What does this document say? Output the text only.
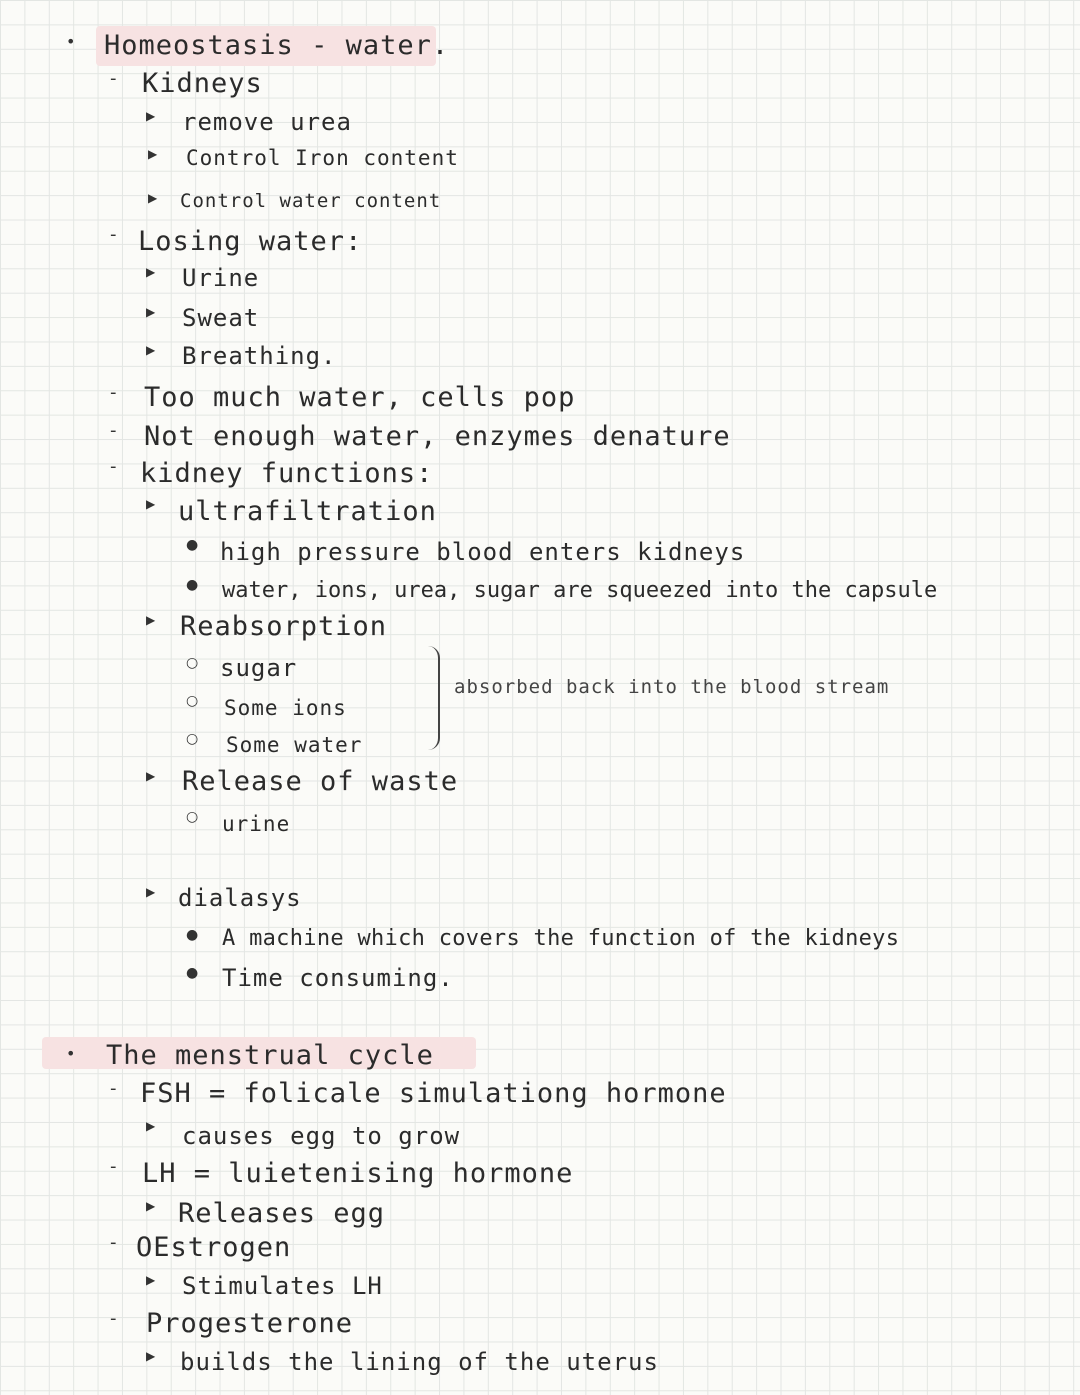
• Homeostasis - water.
- Kidneys
▶ remove urea
▶ Control Iron content
▶ Control water content
- Losing water:
▶ Urine
▶ Sweat
▶ Breathing.
- Too much water, cells pop
- Not enough water, enzymes denature
- kidney functions:
▶ ultrafiltration
● high pressure blood enters kidneys
● water, ions, urea, sugar are squeezed into the capsule
▶ Reabsorption
○ sugar
○ Some ions
○ Some water
absorbed back into the blood stream
▶ Release of waste
○ urine
▶ dialasys
● A machine which covers the function of the kidneys
● Time consuming.
• The menstrual cycle
- FSH = folicale simulationg hormone
▶ causes egg to grow
- LH = luietenising hormone
▶ Releases egg
- OEstrogen
▶ Stimulates LH
- Progesterone
▶ builds the lining of the uterus
